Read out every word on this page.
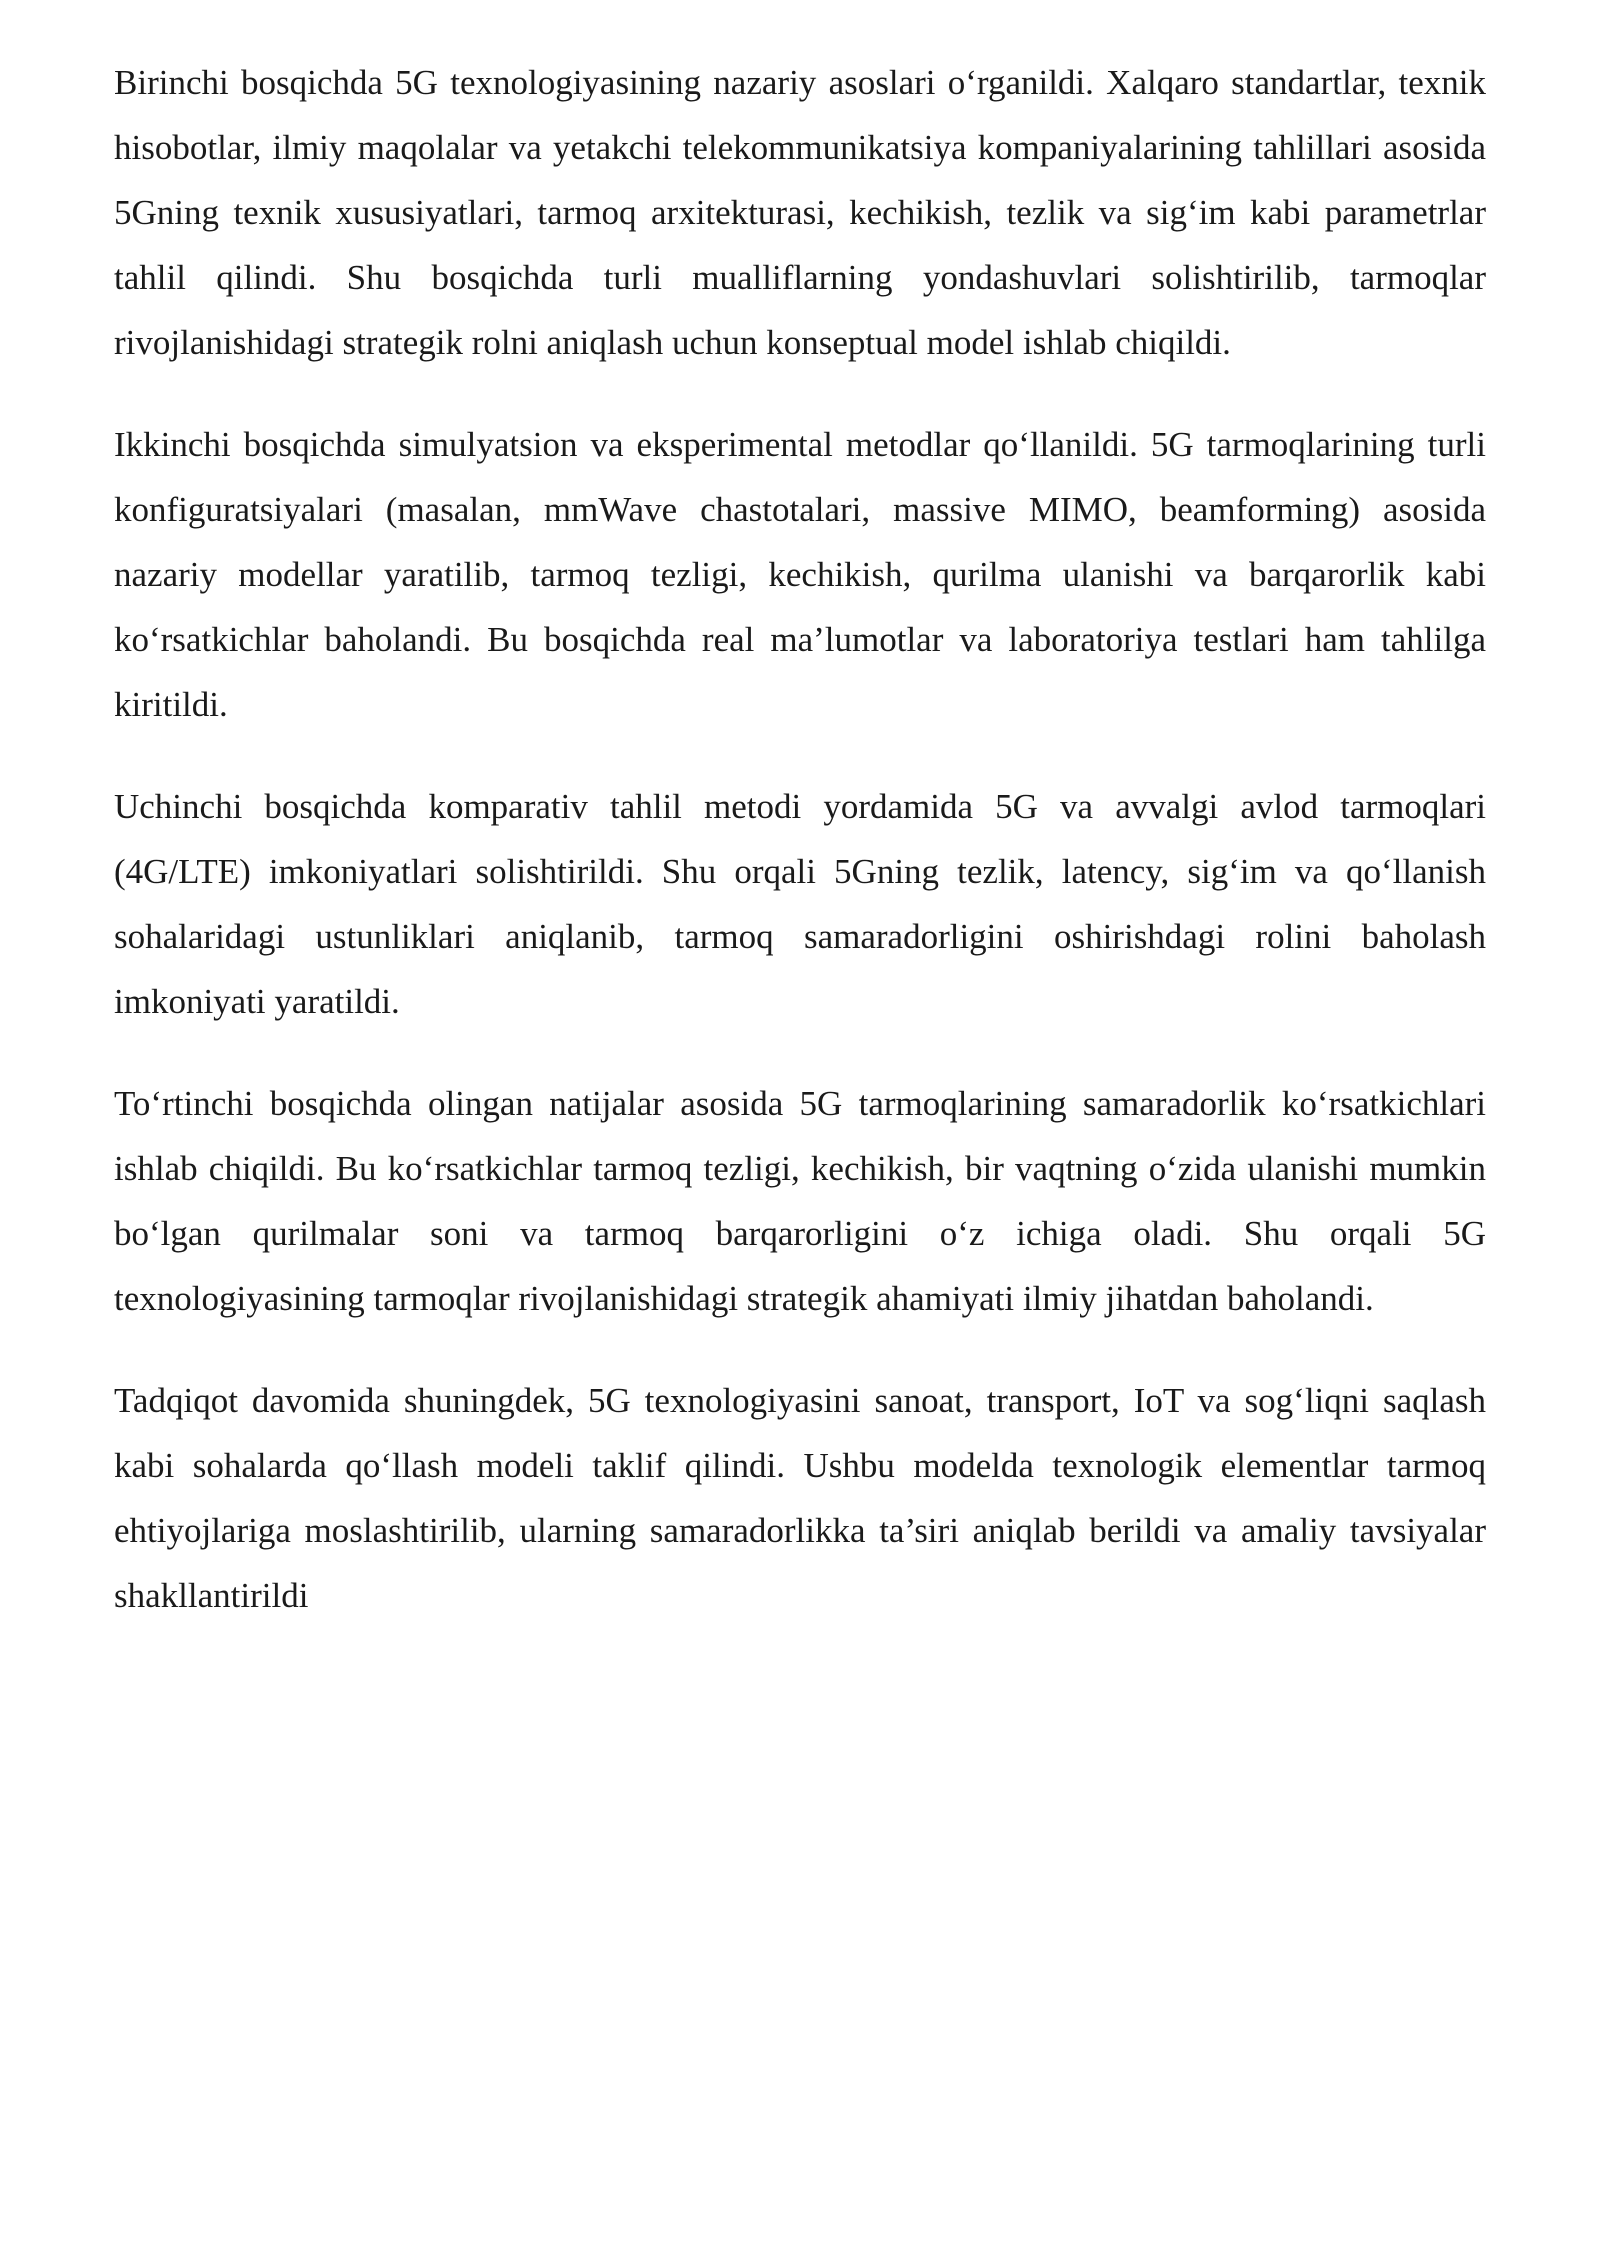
Birinchi bosqichda 5G texnologiyasining nazariy asoslari o‘rganildi. Xalqaro standartlar, texnik hisobotlar, ilmiy maqolalar va yetakchi telekommunikatsiya kompaniyalarining tahlillari asosida 5Gning texnik xususiyatlari, tarmoq arxitekturasi, kechikish, tezlik va sig‘im kabi parametrlar tahlil qilindi. Shu bosqichda turli mualliflarning yondashuvlari solishtirilib, tarmoqlar rivojlanishidagi strategik rolni aniqlash uchun konseptual model ishlab chiqildi.

Ikkinchi bosqichda simulyatsion va eksperimental metodlar qo‘llanildi. 5G tarmoqlarining turli konfiguratsiyalari (masalan, mmWave chastotalari, massive MIMO, beamforming) asosida nazariy modellar yaratilib, tarmoq tezligi, kechikish, qurilma ulanishi va barqarorlik kabi ko‘rsatkichlar baholandi. Bu bosqichda real ma’lumotlar va laboratoriya testlari ham tahlilga kiritildi.

Uchinchi bosqichda komparativ tahlil metodi yordamida 5G va avvalgi avlod tarmoqlari (4G/LTE) imkoniyatlari solishtirildi. Shu orqali 5Gning tezlik, latency, sig‘im va qo‘llanish sohalaridagi ustunliklari aniqlanib, tarmoq samaradorligini oshirishdagi rolini baholash imkoniyati yaratildi.

To‘rtinchi bosqichda olingan natijalar asosida 5G tarmoqlarining samaradorlik ko‘rsatkichlari ishlab chiqildi. Bu ko‘rsatkichlar tarmoq tezligi, kechikish, bir vaqtning o‘zida ulanishi mumkin bo‘lgan qurilmalar soni va tarmoq barqarorligini o‘z ichiga oladi. Shu orqali 5G texnologiyasining tarmoqlar rivojlanishidagi strategik ahamiyati ilmiy jihatdan baholandi.

Tadqiqot davomida shuningdek, 5G texnologiyasini sanoat, transport, IoT va sog‘liqni saqlash kabi sohalarda qo‘llash modeli taklif qilindi. Ushbu modelda texnologik elementlar tarmoq ehtiyojlariga moslashtirilib, ularning samaradorlikka ta’siri aniqlab berildi va amaliy tavsiyalar shakllantirildi
